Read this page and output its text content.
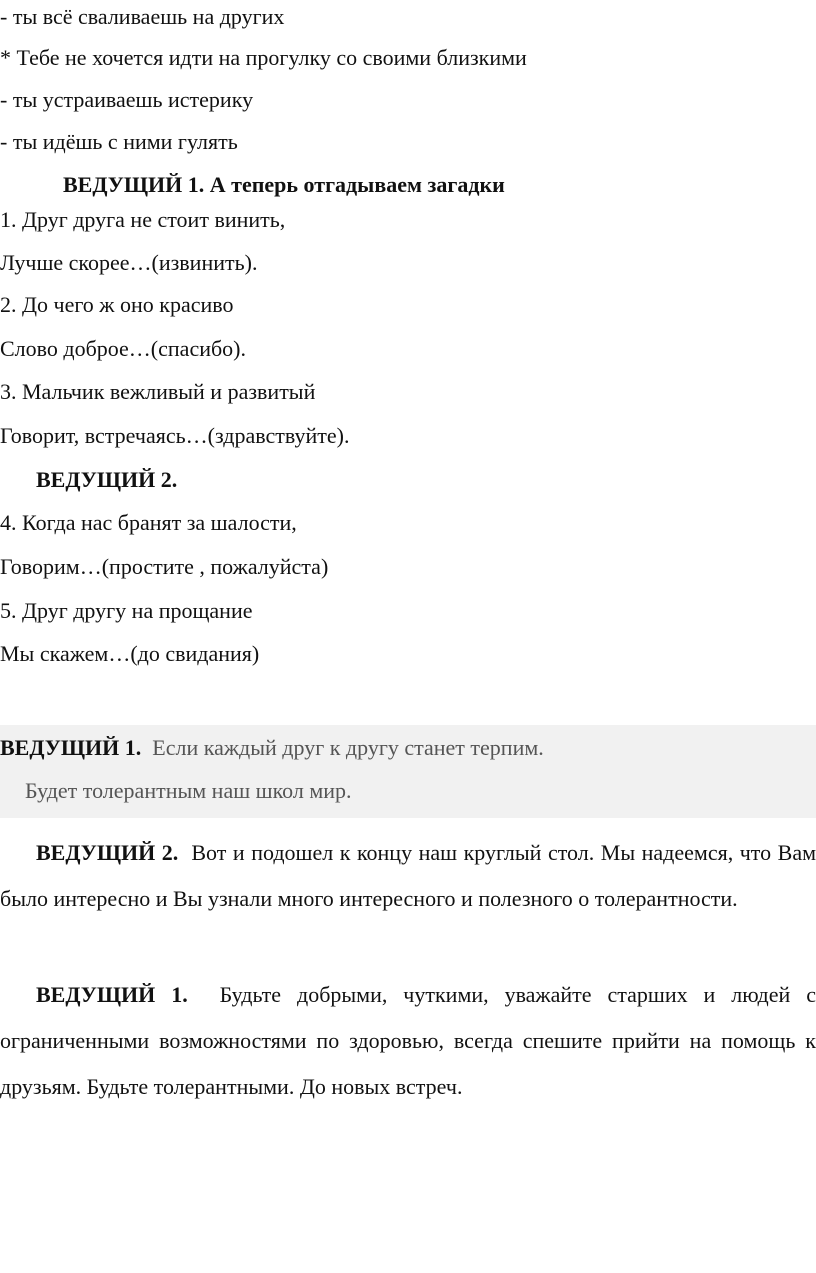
- ты всё сваливаешь на других
* Тебе не хочется идти на прогулку со своими близкими
- ты устраиваешь истерику
- ты идёшь с ними гулять
ВЕДУЩИЙ 1. А теперь отгадываем загадки
1. Друг друга не стоит винить,
Лучше скорее…(извинить).
2. До чего ж оно красиво
Слово доброе…(спасибо).
3. Мальчик вежливый и развитый
Говорит, встречаясь…(здравствуйте).
ВЕДУЩИЙ 2.
4. Когда нас бранят за шалости,
Говорим…(простите , пожалуйста)
5. Друг другу на прощание
Мы скажем…(до свидания)
ВЕДУЩИЙ 1. Если каждый друг к другу станет терпим.
Будет толерантным наш школ мир.
ВЕДУЩИЙ 2. Вот и подошел к концу наш круглый стол. Мы надеемся, что Вам было интересно и Вы узнали много интересного и полезного о толерантности.
ВЕДУЩИЙ 1. Будьте добрыми, чуткими, уважайте старших и людей с ограниченными возможностями по здоровью, всегда спешите прийти на помощь к друзьям. Будьте толерантными. До новых встреч.
